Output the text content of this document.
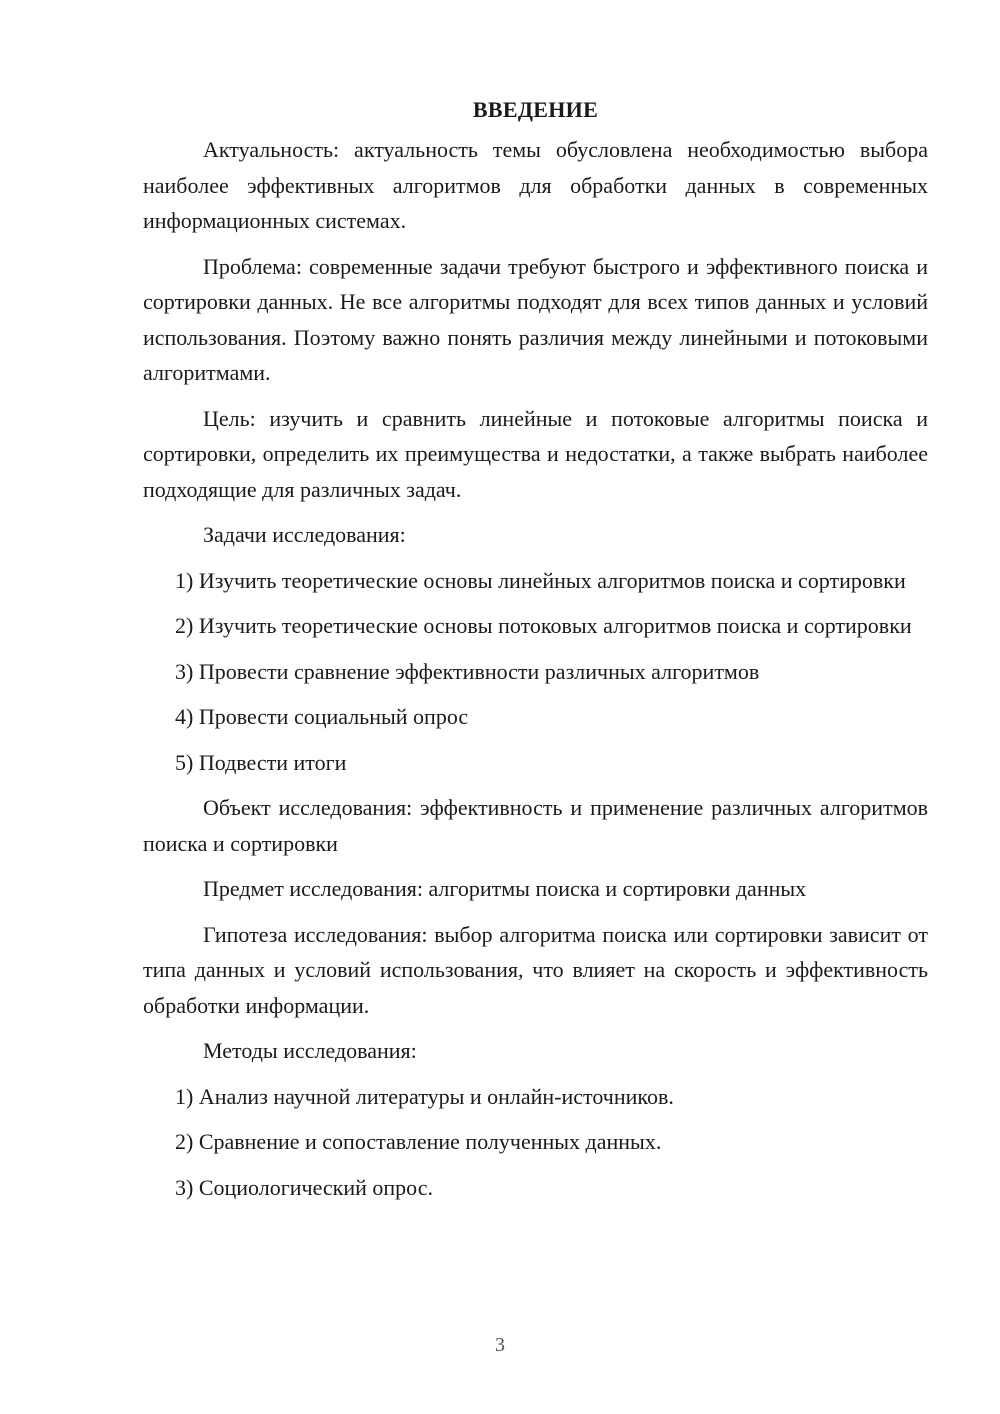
ВВЕДЕНИЕ

Актуальность: актуальность темы обусловлена необходимостью выбора наиболее эффективных алгоритмов для обработки данных в современных информационных системах.

Проблема: современные задачи требуют быстрого и эффективного поиска и сортировки данных. Не все алгоритмы подходят для всех типов данных и условий использования. Поэтому важно понять различия между линейными и потоковыми алгоритмами.

Цель: изучить и сравнить линейные и потоковые алгоритмы поиска и сортировки, определить их преимущества и недостатки, а также выбрать наиболее подходящие для различных задач.

Задачи исследования:

1) Изучить теоретические основы линейных алгоритмов поиска и сортировки

2) Изучить теоретические основы потоковых алгоритмов поиска и сортировки

3) Провести сравнение эффективности различных алгоритмов

4) Провести социальный опрос

5) Подвести итоги

Объект исследования: эффективность и применение различных алгоритмов поиска и сортировки

Предмет исследования: алгоритмы поиска и сортировки данных

Гипотеза исследования: выбор алгоритма поиска или сортировки зависит от типа данных и условий использования, что влияет на скорость и эффективность обработки информации.

Методы исследования:

1) Анализ научной литературы и онлайн-источников.

2) Сравнение и сопоставление полученных данных.

3) Социологический опрос.

3
